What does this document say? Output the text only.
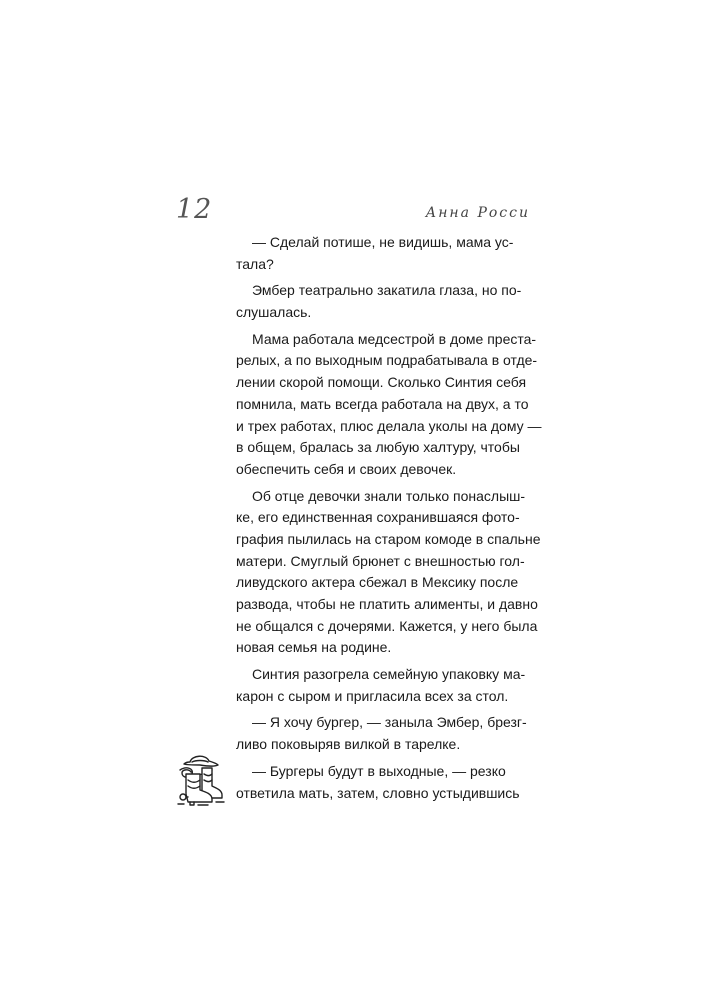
12	Анна Росси
— Сделай потише, не видишь, мама ус-
тала?
Эмбер театрально закатила глаза, но по-
слушалась.
Мама работала медсестрой в доме преста-
релых, а по выходным подрабатывала в отде-
лении скорой помощи. Сколько Синтия себя
помнила, мать всегда работала на двух, а то
и трех работах, плюс делала уколы на дому —
в общем, бралась за любую халтуру, чтобы
обеспечить себя и своих девочек.
Об отце девочки знали только понаслыш-
ке, его единственная сохранившаяся фото-
графия пылилась на старом комоде в спальне
матери. Смуглый брюнет с внешностью гол-
ливудского актера сбежал в Мексику после
развода, чтобы не платить алименты, и давно
не общался с дочерями. Кажется, у него была
новая семья на родине.
Синтия разогрела семейную упаковку ма-
карон с сыром и пригласила всех за стол.
— Я хочу бургер, — заныла Эмбер, брезг-
ливо поковыряв вилкой в тарелке.
— Бургеры будут в выходные, — резко
ответила мать, затем, словно устыдившись
